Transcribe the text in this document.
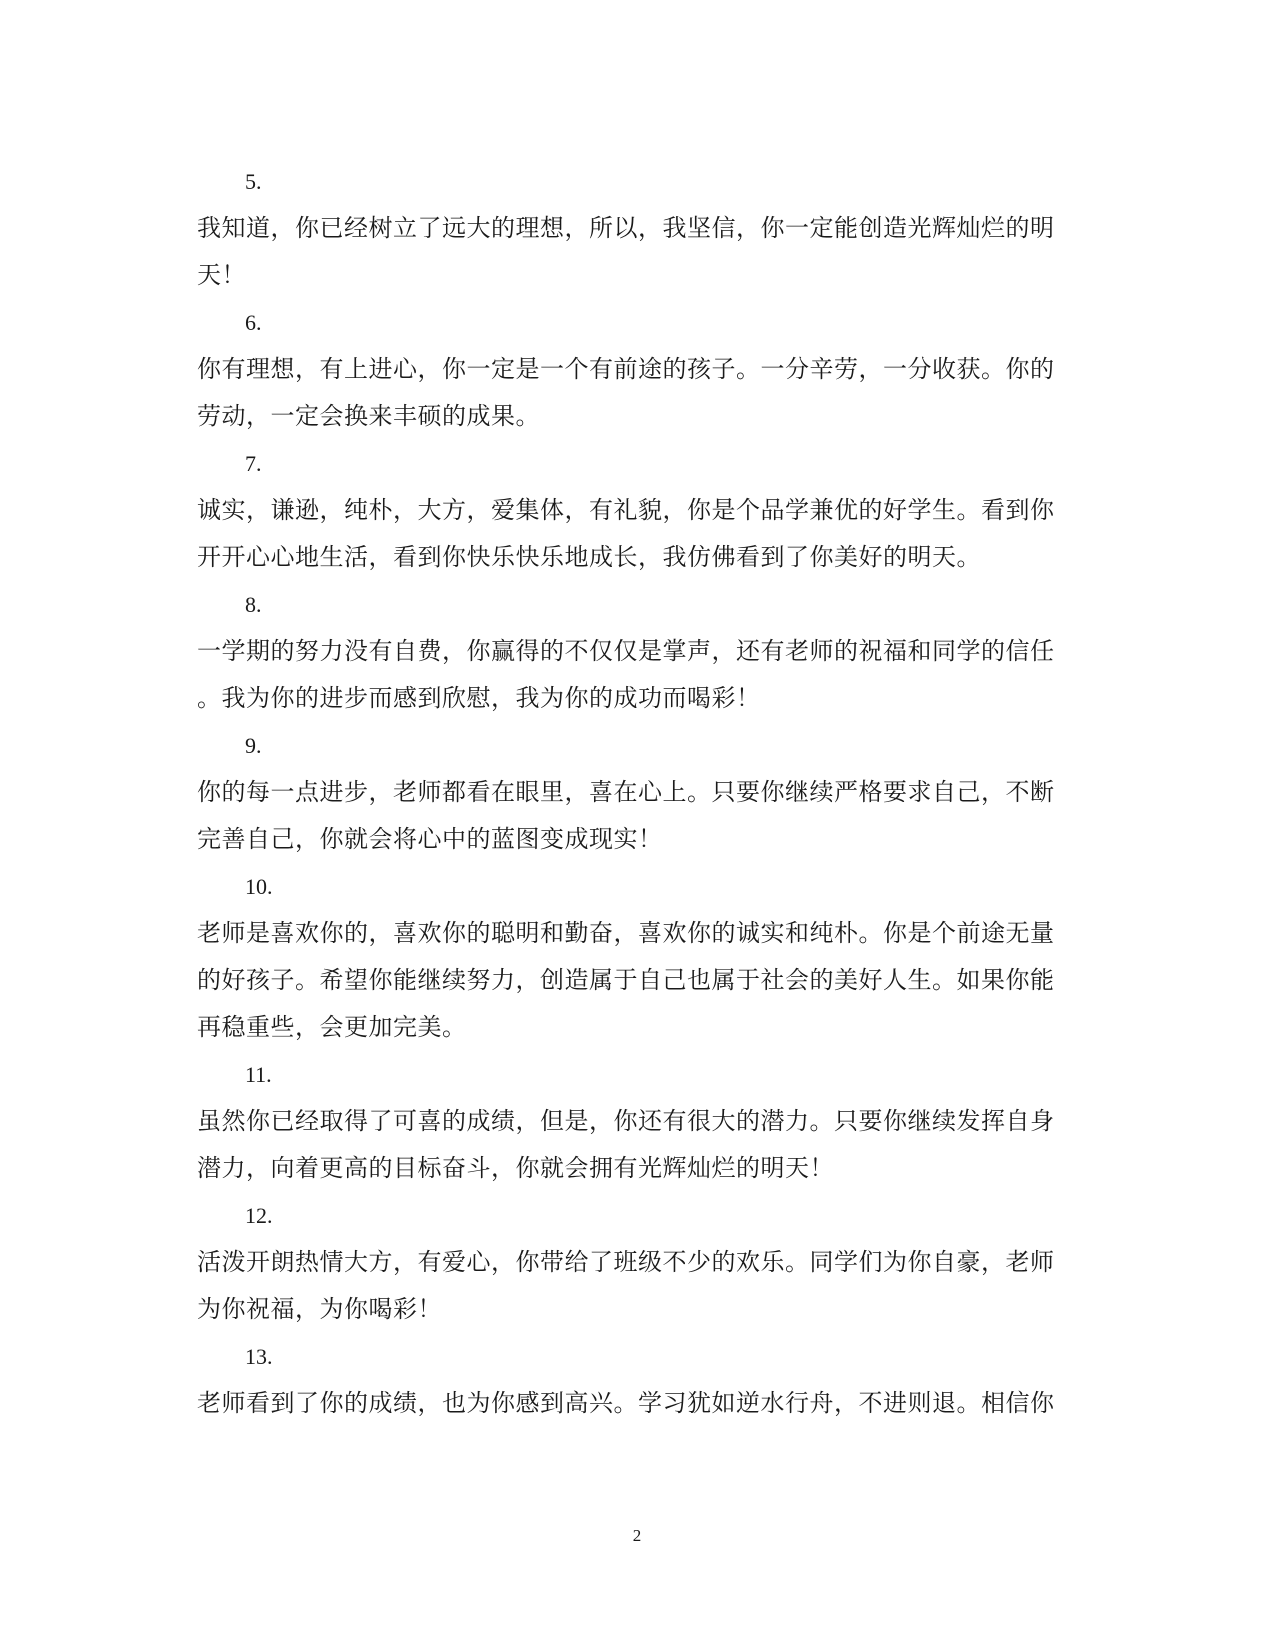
5.
我知道，你已经树立了远大的理想，所以，我坚信，你一定能创造光辉灿烂的明
天！
6.
你有理想，有上进心，你一定是一个有前途的孩子。一分辛劳，一分收获。你的
劳动，一定会换来丰硕的成果。
7.
诚实，谦逊，纯朴，大方，爱集体，有礼貌，你是个品学兼优的好学生。看到你
开开心心地生活，看到你快乐快乐地成长，我仿佛看到了你美好的明天。
8.
一学期的努力没有自费，你赢得的不仅仅是掌声，还有老师的祝福和同学的信任
。我为你的进步而感到欣慰，我为你的成功而喝彩！
9.
你的每一点进步，老师都看在眼里，喜在心上。只要你继续严格要求自己，不断
完善自己，你就会将心中的蓝图变成现实！
10.
老师是喜欢你的，喜欢你的聪明和勤奋，喜欢你的诚实和纯朴。你是个前途无量
的好孩子。希望你能继续努力，创造属于自己也属于社会的美好人生。如果你能
再稳重些，会更加完美。
11.
虽然你已经取得了可喜的成绩，但是，你还有很大的潜力。只要你继续发挥自身
潜力，向着更高的目标奋斗，你就会拥有光辉灿烂的明天！
12.
活泼开朗热情大方，有爱心，你带给了班级不少的欢乐。同学们为你自豪，老师
为你祝福，为你喝彩！
13.
老师看到了你的成绩，也为你感到高兴。学习犹如逆水行舟，不进则退。相信你
2
